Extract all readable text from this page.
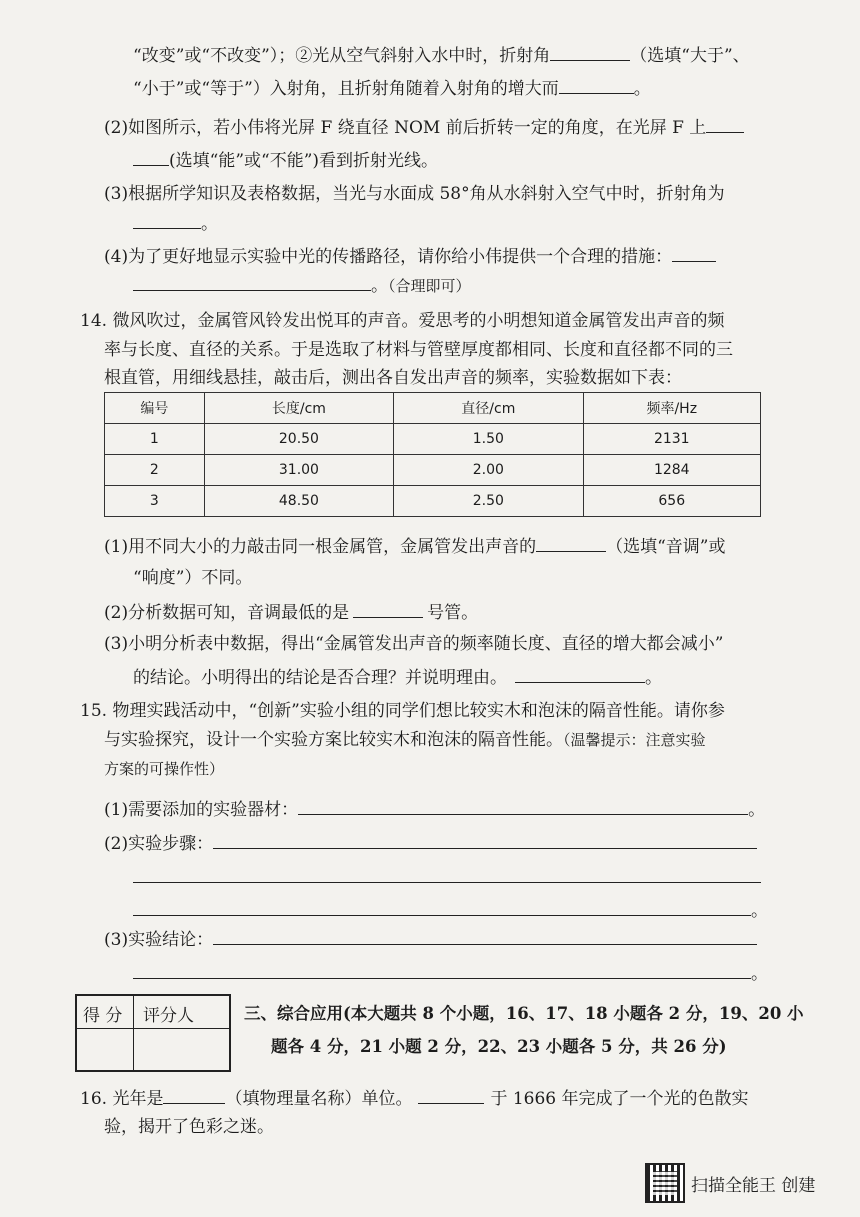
“改变”或“不改变”）；②光从空气斜射入水中时，折射角	（选填“大于”、
“小于”或“等于”）入射角，且折射角随着入射角的增大而	。
(2)如图所示，若小伟将光屏 F 绕直径 NOM 前后折转一定的角度，在光屏 F 上
(选填“能”或“不能”)看到折射光线。
(3)根据所学知识及表格数据，当光与水面成 58°角从水斜射入空气中时，折射角为
。
(4)为了更好地显示实验中光的传播路径，请你给小伟提供一个合理的措施：
。（合理即可）
14. 微风吹过，金属管风铃发出悦耳的声音。爱思考的小明想知道金属管发出声音的频
率与长度、直径的关系。于是选取了材料与管壁厚度都相同、长度和直径都不同的三
根直管，用细线悬挂，敲击后，测出各自发出声音的频率，实验数据如下表：
编号	长度/cm	直径/cm	频率/Hz
1	20.50	1.50	2131
2	31.00	2.00	1284
3	48.50	2.50	656
(1)用不同大小的力敲击同一根金属管，金属管发出声音的	（选填“音调”或
“响度”）不同。
(2)分析数据可知，音调最低的是	号管。
(3)小明分析表中数据，得出“金属管发出声音的频率随长度、直径的增大都会减小”
的结论。小明得出的结论是否合理？并说明理由。	。
15. 物理实践活动中，“创新”实验小组的同学们想比较实木和泡沫的隔音性能。请你参
与实验探究，设计一个实验方案比较实木和泡沫的隔音性能。（温馨提示：注意实验
方案的可操作性）
(1)需要添加的实验器材：	。
(2)实验步骤：
。
(3)实验结论：
。
得 分 评分人	三、综合应用(本大题共 8 个小题，16、17、18 小题各 2 分，19、20 小
题各 4 分，21 小题 2 分，22、23 小题各 5 分，共 26 分)
16. 光年是	（填物理量名称）单位。	于 1666 年完成了一个光的色散实
验，揭开了色彩之迷。
扫描全能王 创建
